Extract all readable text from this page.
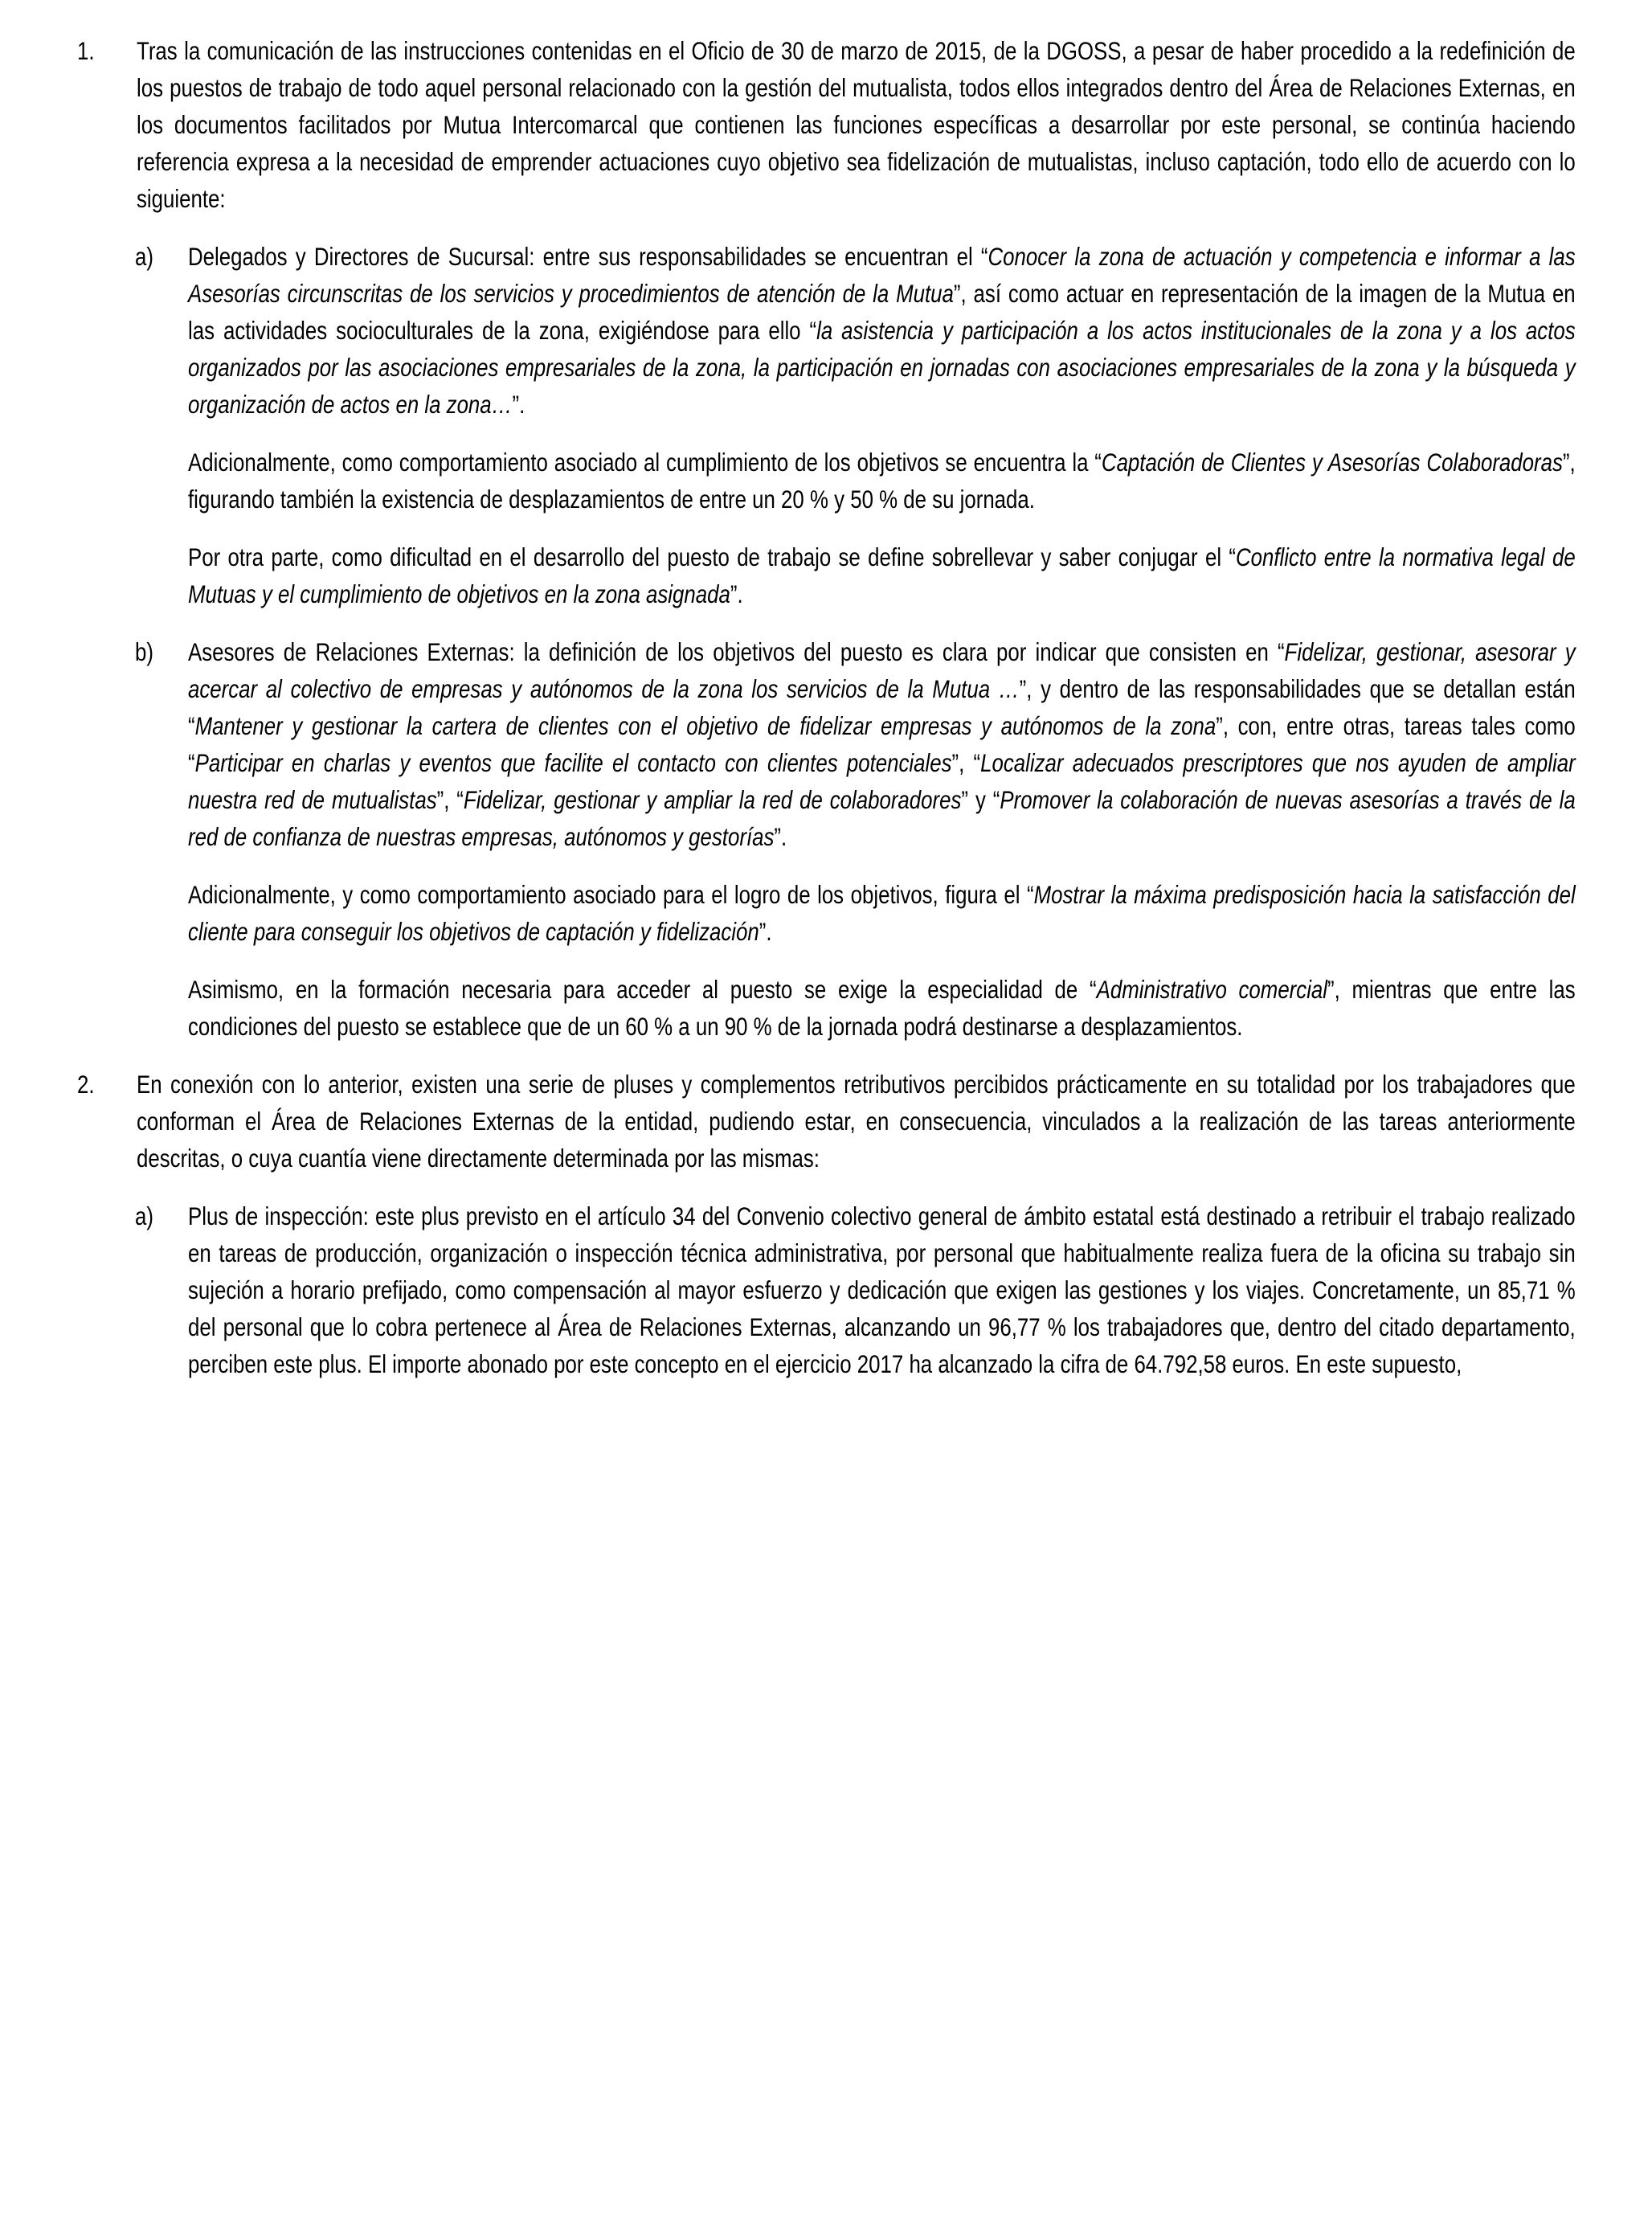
1.	Tras la comunicación de las instrucciones contenidas en el Oficio de 30 de marzo de 2015, de la DGOSS, a pesar de haber procedido a la redefinición de los puestos de trabajo de todo aquel personal relacionado con la gestión del mutualista, todos ellos integrados dentro del Área de Relaciones Externas, en los documentos facilitados por Mutua Intercomarcal que contienen las funciones específicas a desarrollar por este personal, se continúa haciendo referencia expresa a la necesidad de emprender actuaciones cuyo objetivo sea fidelización de mutualistas, incluso captación, todo ello de acuerdo con lo siguiente:

a)	Delegados y Directores de Sucursal: entre sus responsabilidades se encuentran el “Conocer la zona de actuación y competencia e informar a las Asesorías circunscritas de los servicios y procedimientos de atención de la Mutua”, así como actuar en representación de la imagen de la Mutua en las actividades socioculturales de la zona, exigiéndose para ello “la asistencia y participación a los actos institucionales de la zona y a los actos organizados por las asociaciones empresariales de la zona, la participación en jornadas con asociaciones empresariales de la zona y la búsqueda y organización de actos en la zona…”.

Adicionalmente, como comportamiento asociado al cumplimiento de los objetivos se encuentra la “Captación de Clientes y Asesorías Colaboradoras”, figurando también la existencia de desplazamientos de entre un 20 % y 50 % de su jornada.

Por otra parte, como dificultad en el desarrollo del puesto de trabajo se define sobrellevar y saber conjugar el “Conflicto entre la normativa legal de Mutuas y el cumplimiento de objetivos en la zona asignada”.

b)	Asesores de Relaciones Externas: la definición de los objetivos del puesto es clara por indicar que consisten en “Fidelizar, gestionar, asesorar y acercar al colectivo de empresas y autónomos de la zona los servicios de la Mutua …”, y dentro de las responsabilidades que se detallan están “Mantener y gestionar la cartera de clientes con el objetivo de fidelizar empresas y autónomos de la zona”, con, entre otras, tareas tales como “Participar en charlas y eventos que facilite el contacto con clientes potenciales”, “Localizar adecuados prescriptores que nos ayuden de ampliar nuestra red de mutualistas”, “Fidelizar, gestionar y ampliar la red de colaboradores” y “Promover la colaboración de nuevas asesorías a través de la red de confianza de nuestras empresas, autónomos y gestorías”.

Adicionalmente, y como comportamiento asociado para el logro de los objetivos, figura el “Mostrar la máxima predisposición hacia la satisfacción del cliente para conseguir los objetivos de captación y fidelización”.

Asimismo, en la formación necesaria para acceder al puesto se exige la especialidad de “Administrativo comercial”, mientras que entre las condiciones del puesto se establece que de un 60 % a un 90 % de la jornada podrá destinarse a desplazamientos.

2.	En conexión con lo anterior, existen una serie de pluses y complementos retributivos percibidos prácticamente en su totalidad por los trabajadores que conforman el Área de Relaciones Externas de la entidad, pudiendo estar, en consecuencia, vinculados a la realización de las tareas anteriormente descritas, o cuya cuantía viene directamente determinada por las mismas:

a)	Plus de inspección: este plus previsto en el artículo 34 del Convenio colectivo general de ámbito estatal está destinado a retribuir el trabajo realizado en tareas de producción, organización o inspección técnica administrativa, por personal que habitualmente realiza fuera de la oficina su trabajo sin sujeción a horario prefijado, como compensación al mayor esfuerzo y dedicación que exigen las gestiones y los viajes. Concretamente, un 85,71 % del personal que lo cobra pertenece al Área de Relaciones Externas, alcanzando un 96,77 % los trabajadores que, dentro del citado departamento, perciben este plus. El importe abonado por este concepto en el ejercicio 2017 ha alcanzado la cifra de 64.792,58 euros. En este supuesto,
